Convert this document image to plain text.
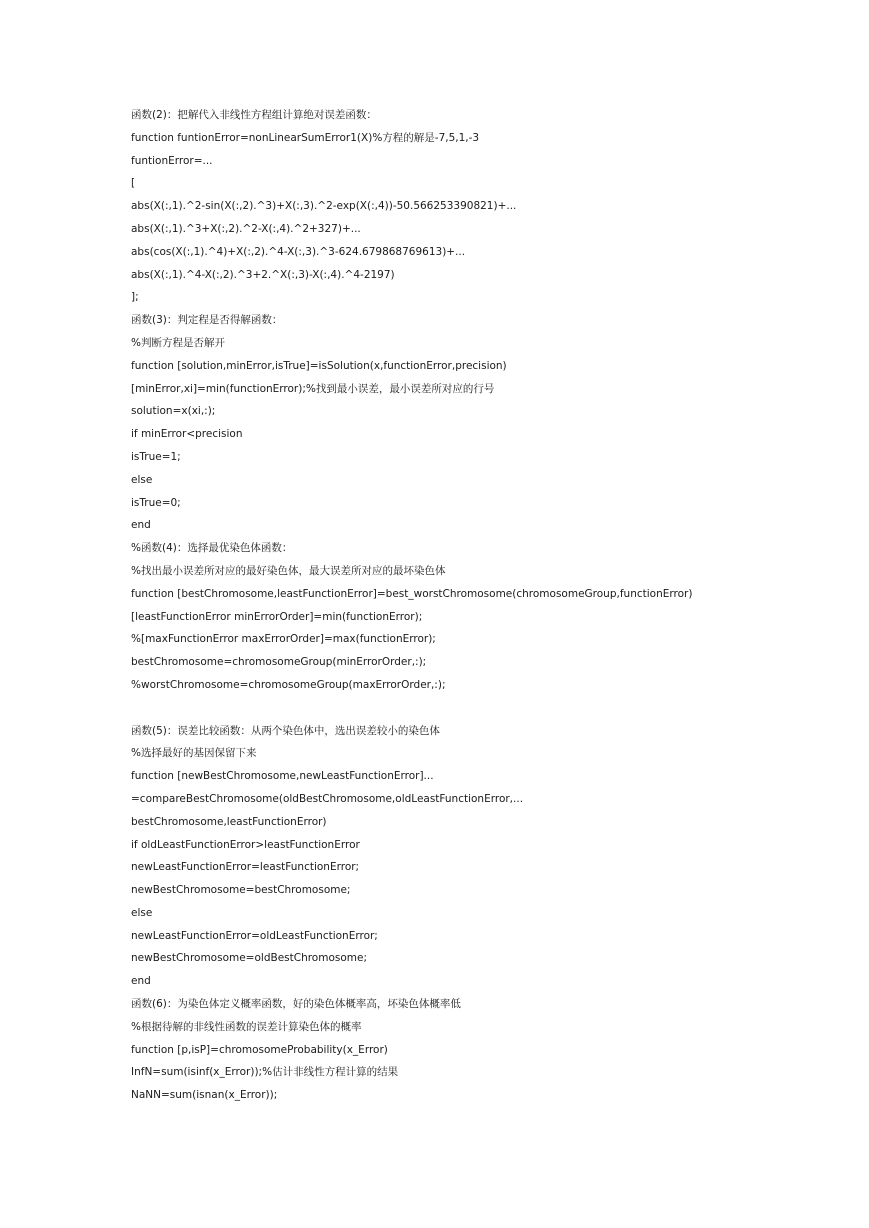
函数(2)：把解代入非线性方程组计算绝对误差函数：
function funtionError=nonLinearSumError1(X)%方程的解是-7,5,1,-3
funtionError=...
[
abs(X(:,1).^2-sin(X(:,2).^3)+X(:,3).^2-exp(X(:,4))-50.566253390821)+...
abs(X(:,1).^3+X(:,2).^2-X(:,4).^2+327)+...
abs(cos(X(:,1).^4)+X(:,2).^4-X(:,3).^3-624.679868769613)+...
abs(X(:,1).^4-X(:,2).^3+2.^X(:,3)-X(:,4).^4-2197)
];
函数(3)：判定程是否得解函数：
%判断方程是否解开
function [solution,minError,isTrue]=isSolution(x,functionError,precision)
[minError,xi]=min(functionError);%找到最小误差，最小误差所对应的行号
solution=x(xi,:);
if minError<precision
isTrue=1;
else
isTrue=0;
end
%函数(4)：选择最优染色体函数：
%找出最小误差所对应的最好染色体，最大误差所对应的最坏染色体
function [bestChromosome,leastFunctionError]=best_worstChromosome(chromosomeGroup,functionError)
[leastFunctionError minErrorOrder]=min(functionError);
%[maxFunctionError maxErrorOrder]=max(functionError);
bestChromosome=chromosomeGroup(minErrorOrder,:);
%worstChromosome=chromosomeGroup(maxErrorOrder,:);
函数(5)：误差比较函数：从两个染色体中，选出误差较小的染色体
%选择最好的基因保留下来
function [newBestChromosome,newLeastFunctionError]...
=compareBestChromosome(oldBestChromosome,oldLeastFunctionError,...
bestChromosome,leastFunctionError)
if oldLeastFunctionError>leastFunctionError
newLeastFunctionError=leastFunctionError;
newBestChromosome=bestChromosome;
else
newLeastFunctionError=oldLeastFunctionError;
newBestChromosome=oldBestChromosome;
end
函数(6)：为染色体定义概率函数，好的染色体概率高，坏染色体概率低
%根据待解的非线性函数的误差计算染色体的概率
function [p,isP]=chromosomeProbability(x_Error)
InfN=sum(isinf(x_Error));%估计非线性方程计算的结果
NaNN=sum(isnan(x_Error));
